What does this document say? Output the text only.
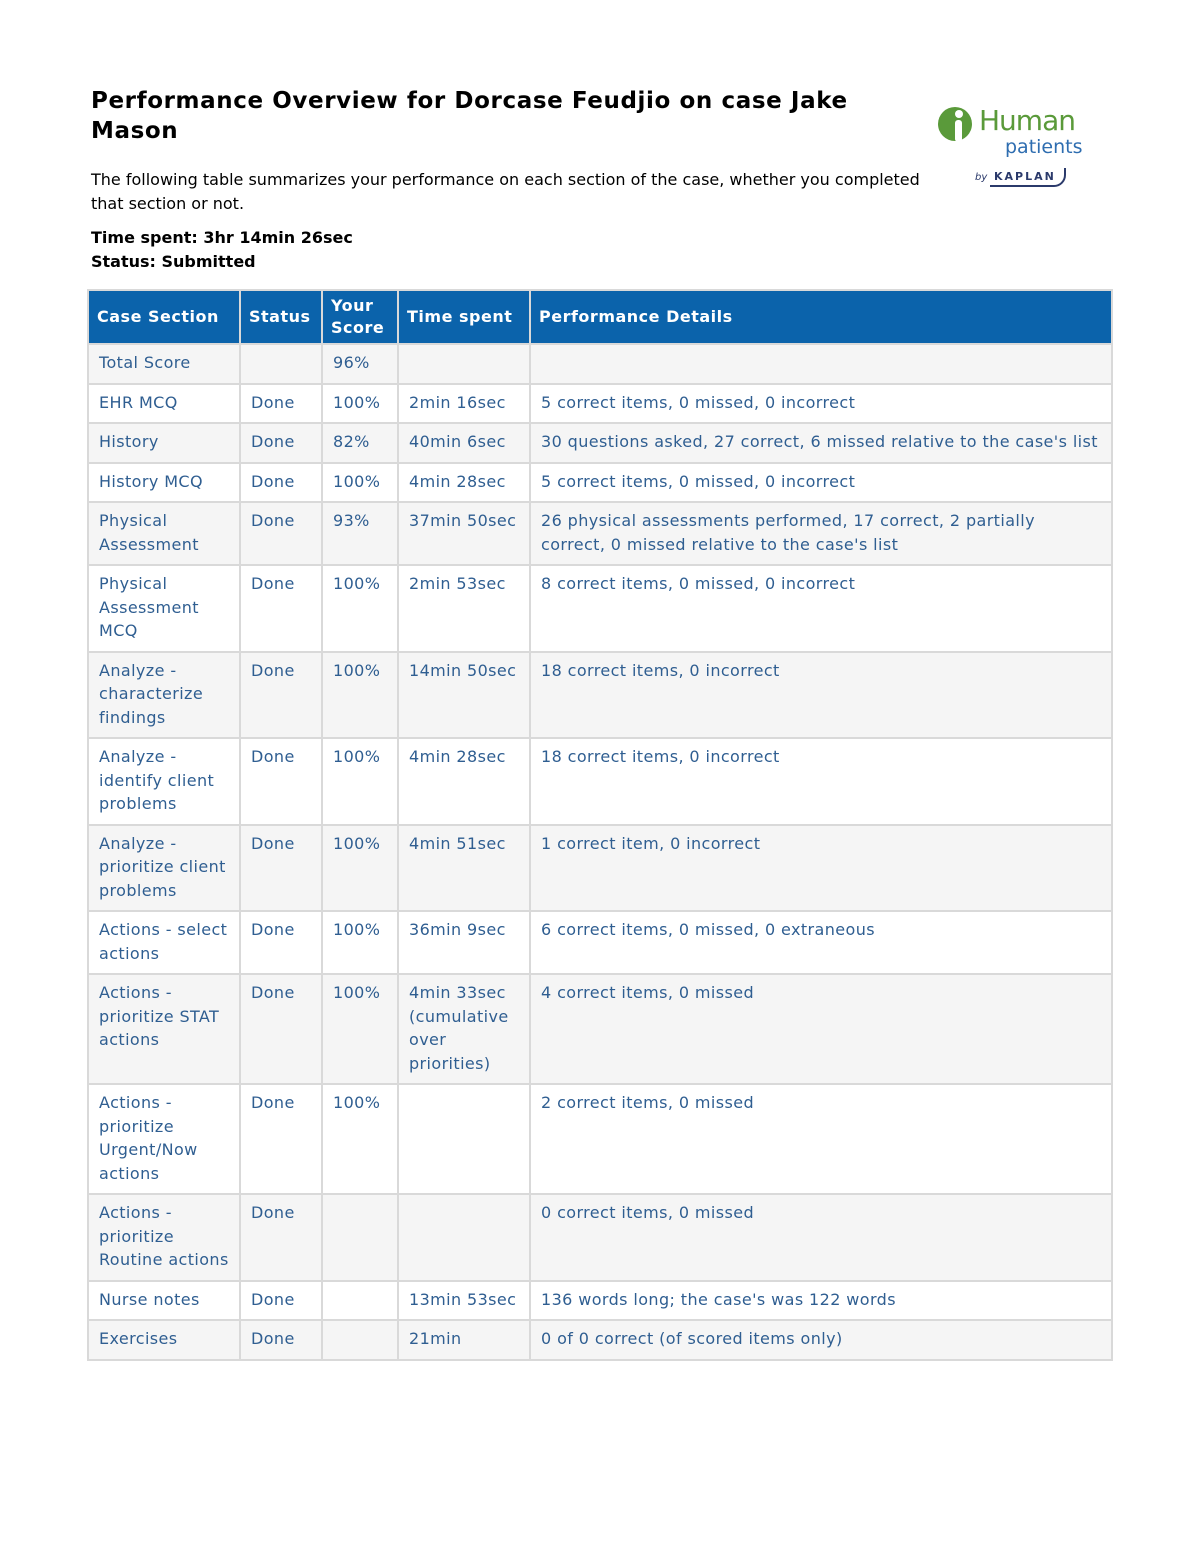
Performance Overview for Dorcase Feudjio on case Jake Mason	Human
patients
by KAPLAN

The following table summarizes your performance on each section of the case, whether you completed that section or not.

Time spent: 3hr 14min 26sec
Status: Submitted
Case Section	Status	Your Score	Time spent	Performance Details
Total Score		96%		
EHR MCQ	Done	100%	2min 16sec	5 correct items, 0 missed, 0 incorrect
History	Done	82%	40min 6sec	30 questions asked, 27 correct, 6 missed relative to the case's list
History MCQ	Done	100%	4min 28sec	5 correct items, 0 missed, 0 incorrect
Physical Assessment	Done	93%	37min 50sec	26 physical assessments performed, 17 correct, 2 partially correct, 0 missed relative to the case's list
Physical Assessment MCQ	Done	100%	2min 53sec	8 correct items, 0 missed, 0 incorrect
Analyze - characterize findings	Done	100%	14min 50sec	18 correct items, 0 incorrect
Analyze - identify client problems	Done	100%	4min 28sec	18 correct items, 0 incorrect
Analyze - prioritize client problems	Done	100%	4min 51sec	1 correct item, 0 incorrect
Actions - select actions	Done	100%	36min 9sec	6 correct items, 0 missed, 0 extraneous
Actions - prioritize STAT actions	Done	100%	4min 33sec (cumulative over priorities)	4 correct items, 0 missed
Actions - prioritize Urgent/Now actions	Done	100%		2 correct items, 0 missed
Actions - prioritize Routine actions	Done			0 correct items, 0 missed
Nurse notes	Done		13min 53sec	136 words long; the case's was 122 words
Exercises	Done		21min	0 of 0 correct (of scored items only)
